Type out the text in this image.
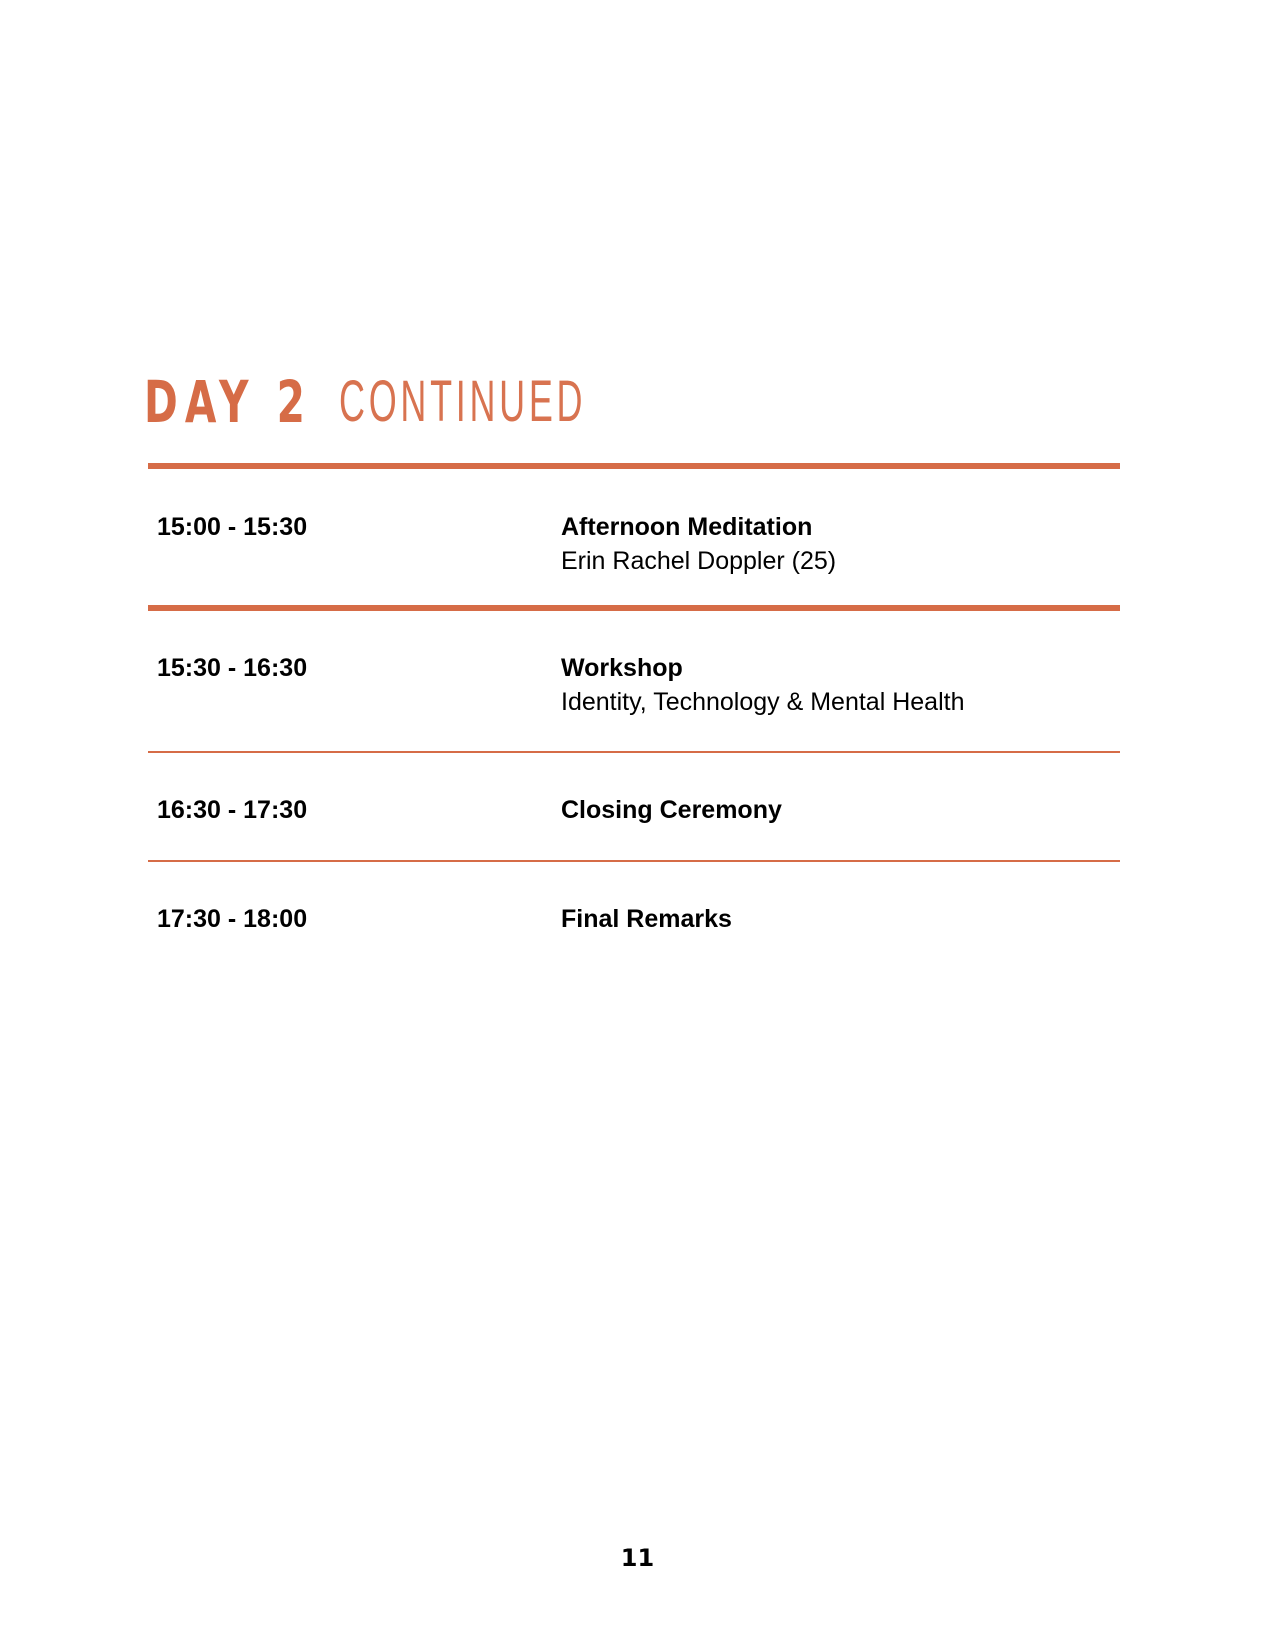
DAY 2 CONTINUED
15:00 - 15:30	Afternoon Meditation
Erin Rachel Doppler (25)
15:30 - 16:30	Workshop
Identity, Technology & Mental Health
16:30 - 17:30	Closing Ceremony
17:30 - 18:00	Final Remarks
11
